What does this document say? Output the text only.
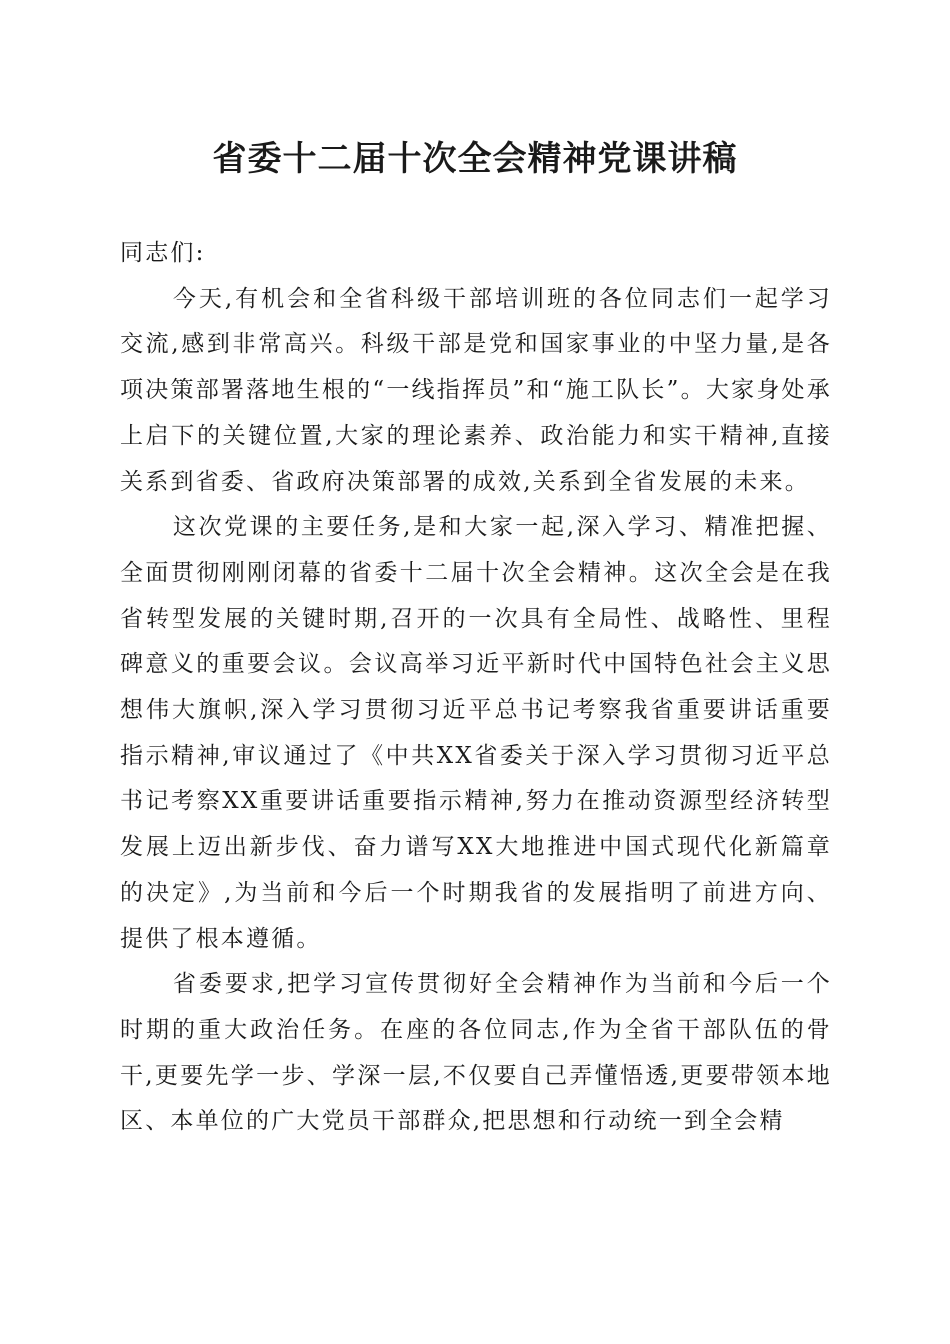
省委十二届十次全会精神党课讲稿

同志们:

今天,有机会和全省科级干部培训班的各位同志们一起学习交流,感到非常高兴。科级干部是党和国家事业的中坚力量,是各项决策部署落地生根的“一线指挥员”和“施工队长”。大家身处承上启下的关键位置,大家的理论素养、政治能力和实干精神,直接关系到省委、省政府决策部署的成效,关系到全省发展的未来。

这次党课的主要任务,是和大家一起,深入学习、精准把握、全面贯彻刚刚闭幕的省委十二届十次全会精神。这次全会是在我省转型发展的关键时期,召开的一次具有全局性、战略性、里程碑意义的重要会议。会议高举习近平新时代中国特色社会主义思想伟大旗帜,深入学习贯彻习近平总书记考察我省重要讲话重要指示精神,审议通过了《中共XX省委关于深入学习贯彻习近平总书记考察XX重要讲话重要指示精神,努力在推动资源型经济转型发展上迈出新步伐、奋力谱写XX大地推进中国式现代化新篇章的决定》,为当前和今后一个时期我省的发展指明了前进方向、提供了根本遵循。

省委要求,把学习宣传贯彻好全会精神作为当前和今后一个时期的重大政治任务。在座的各位同志,作为全省干部队伍的骨干,更要先学一步、学深一层,不仅要自己弄懂悟透,更要带领本地区、本单位的广大党员干部群众,把思想和行动统一到全会精
